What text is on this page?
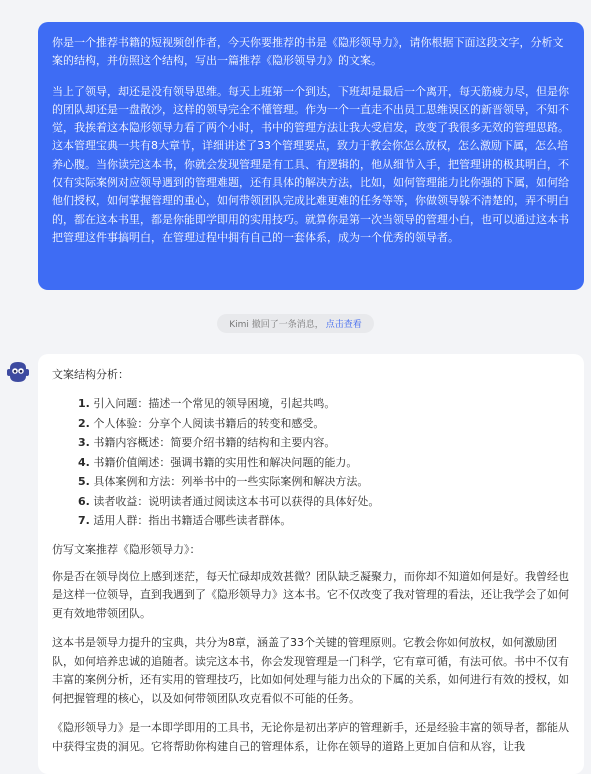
你是一个推荐书籍的短视频创作者，今天你要推荐的书是《隐形领导力》，请你根据下面这段文字，分析文案的结构，并仿照这个结构，写出一篇推荐《隐形领导力》的文案。

当上了领导，却还是没有领导思维。每天上班第一个到达，下班却是最后一个离开，每天筋疲力尽，但是你的团队却还是一盘散沙，这样的领导完全不懂管理。作为一个一直走不出员工思维误区的新晋领导，不知不觉，我挨着这本隐形领导力看了两个小时，书中的管理方法让我大受启发，改变了我很多无效的管理思路。这本管理宝典一共有8大章节，详细讲述了33个管理要点，致力于教会你怎么放权，怎么激励下属，怎么培养心腹。当你读完这本书，你就会发现管理是有工具、有逻辑的，他从细节入手，把管理讲的极其明白，不仅有实际案例对应领导遇到的管理难题，还有具体的解决方法，比如，如何管理能力比你强的下属，如何给他们授权，如何掌握管理的重心，如何带领团队完成比难更难的任务等等，你做领导躲不清楚的，弄不明白的，都在这本书里，都是你能即学即用的实用技巧。就算你是第一次当领导的管理小白，也可以通过这本书把管理这件事搞明白，在管理过程中拥有自己的一套体系，成为一个优秀的领导者。

Kimi 撤回了一条消息， 点击查看

文案结构分析：

1. 引入问题：描述一个常见的领导困境，引起共鸣。
2. 个人体验：分享个人阅读书籍后的转变和感受。
3. 书籍内容概述：简要介绍书籍的结构和主要内容。
4. 书籍价值阐述：强调书籍的实用性和解决问题的能力。
5. 具体案例和方法：列举书中的一些实际案例和解决方法。
6. 读者收益：说明读者通过阅读这本书可以获得的具体好处。
7. 适用人群：指出书籍适合哪些读者群体。

仿写文案推荐《隐形领导力》：

你是否在领导岗位上感到迷茫，每天忙碌却成效甚微？团队缺乏凝聚力，而你却不知道如何是好。我曾经也是这样一位领导，直到我遇到了《隐形领导力》这本书。它不仅改变了我对管理的看法，还让我学会了如何更有效地带领团队。

这本书是领导力提升的宝典，共分为8章，涵盖了33个关键的管理原则。它教会你如何放权，如何激励团队，如何培养忠诚的追随者。读完这本书，你会发现管理是一门科学，它有章可循，有法可依。书中不仅有丰富的案例分析，还有实用的管理技巧，比如如何处理与能力出众的下属的关系，如何进行有效的授权，如何把握管理的核心，以及如何带领团队攻克看似不可能的任务。

《隐形领导力》是一本即学即用的工具书，无论你是初出茅庐的管理新手，还是经验丰富的领导者，都能从中获得宝贵的洞见。它将帮助你构建自己的管理体系，让你在领导的道路上更加自信和从容，让我
